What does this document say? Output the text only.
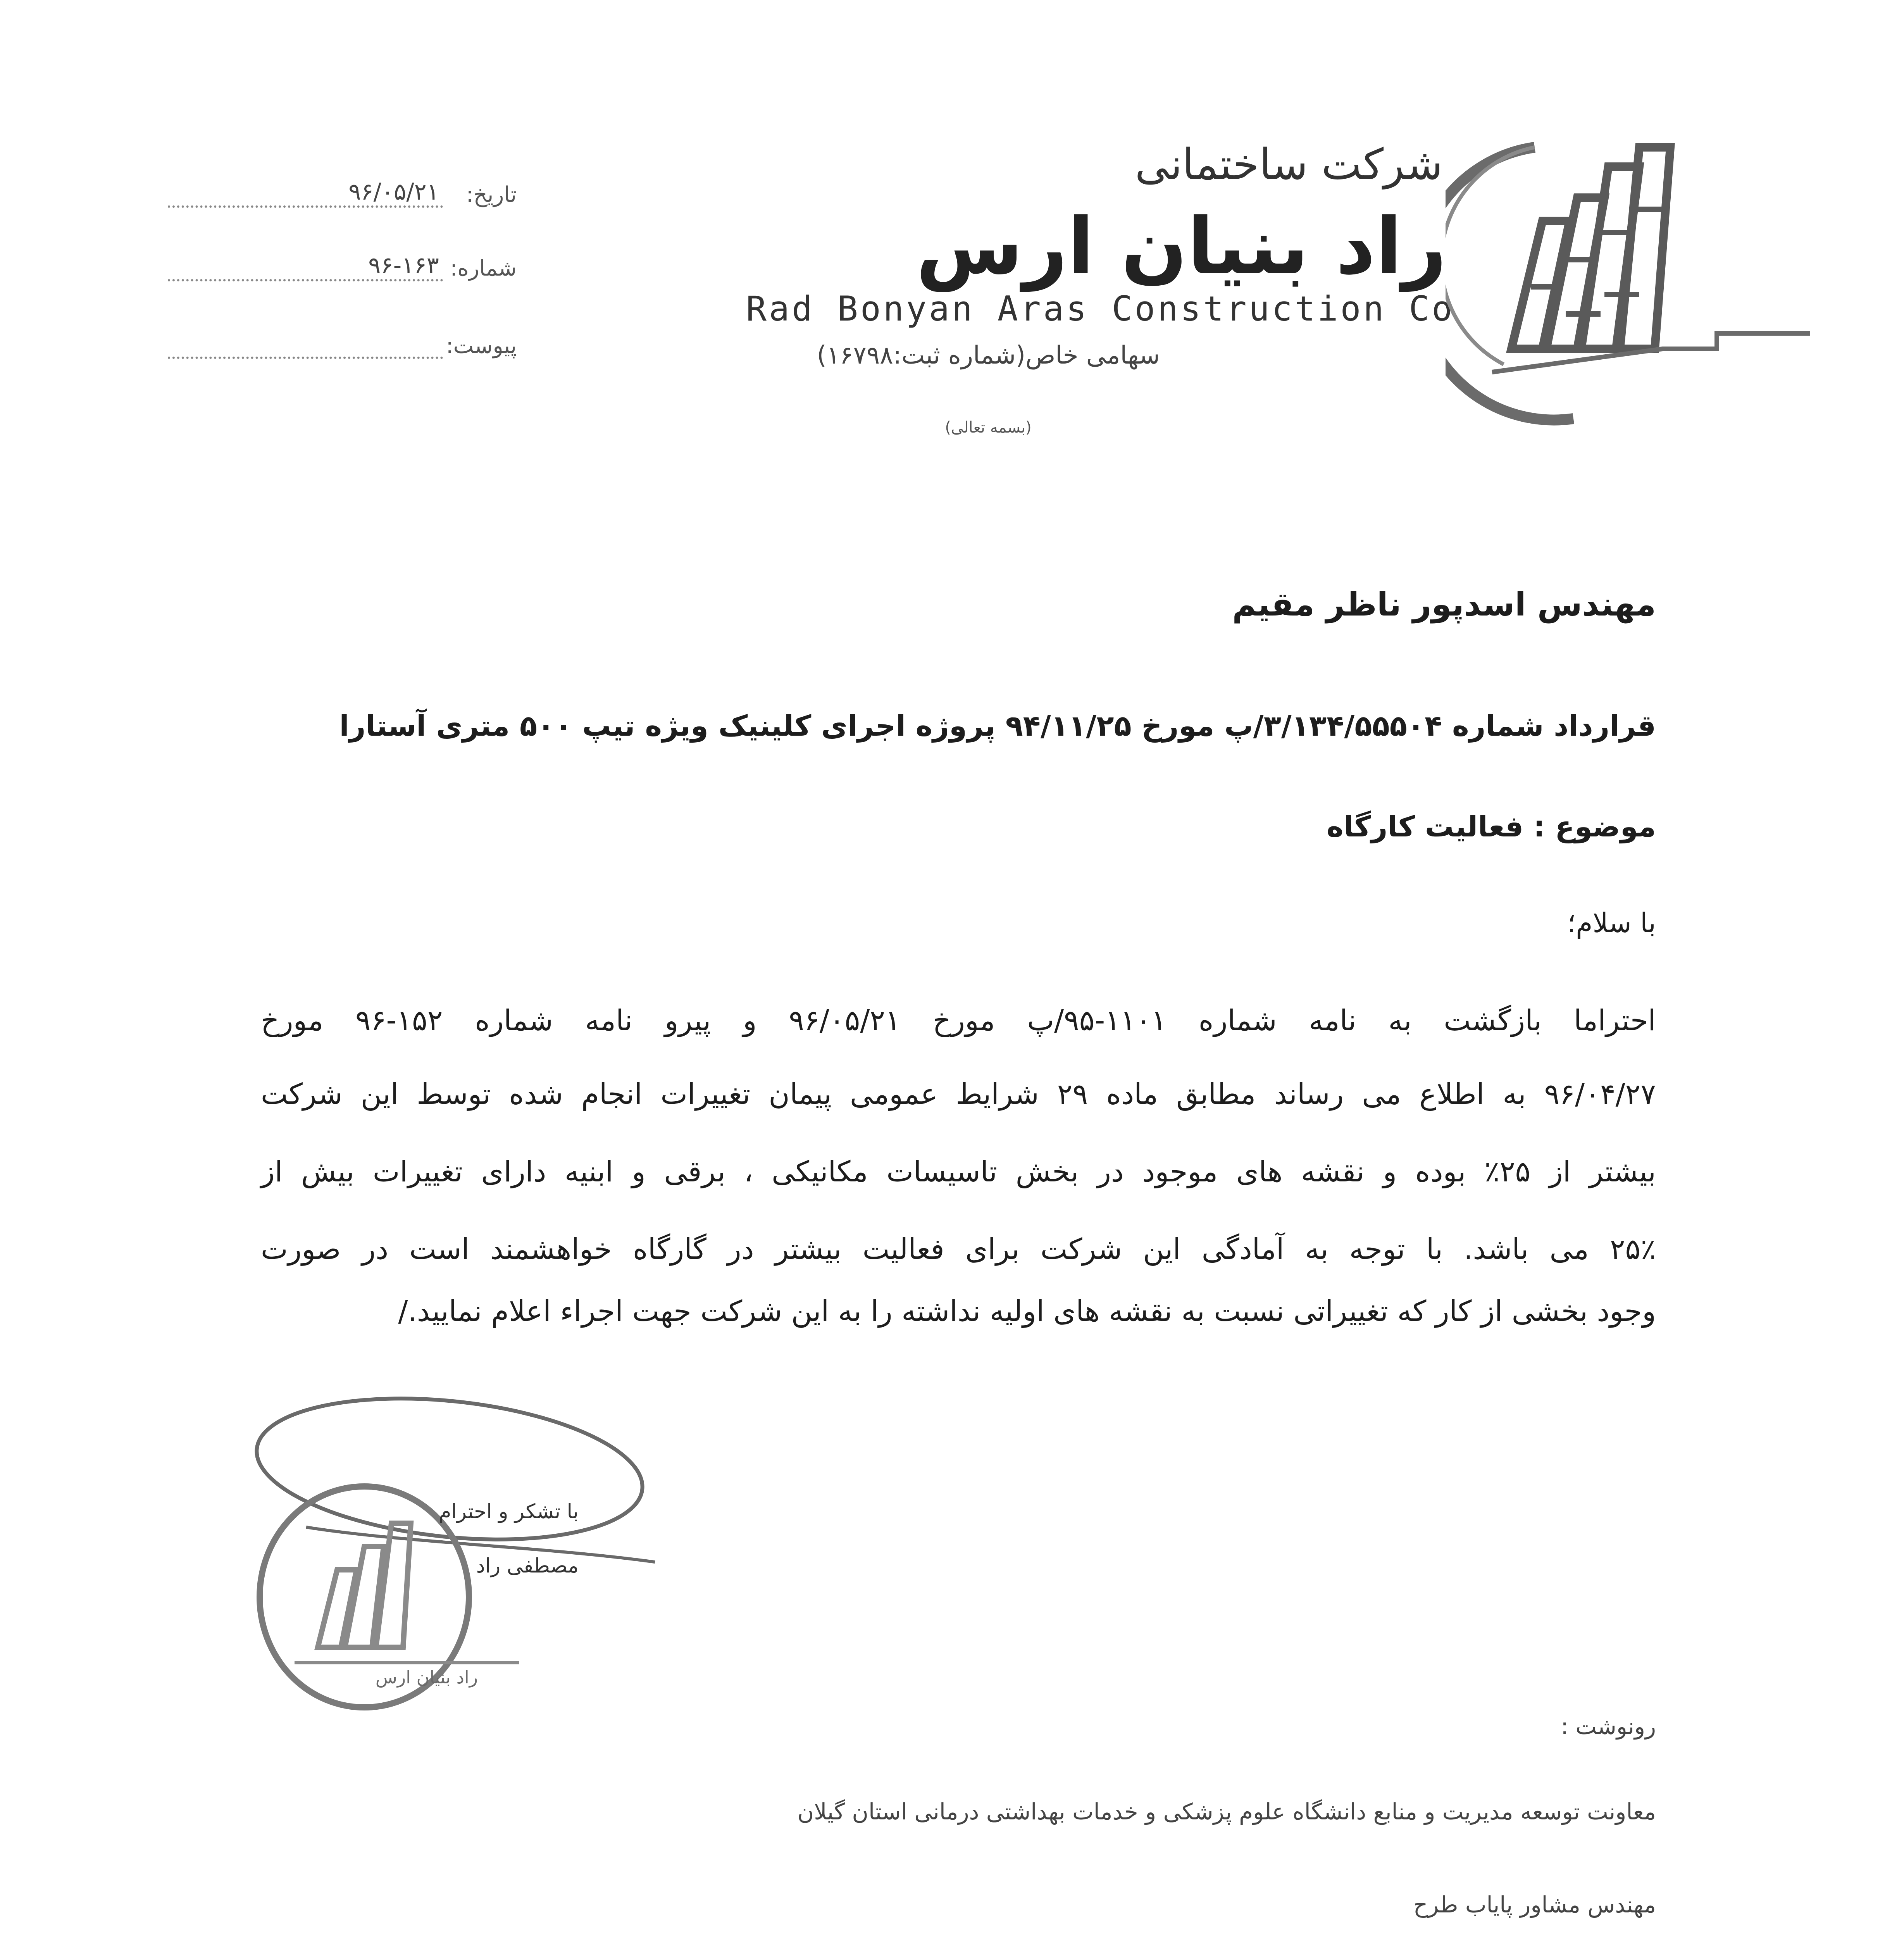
تاریخ:
۹۶/۰۵/۲۱
شماره:
۹۶-۱۶۳
پیوست:
شرکت ساختمانی
راد بنیان ارس
Rad Bonyan Aras Construction Co
سهامی خاص(شماره ثبت:۱۶۷۹۸)
(بسمه تعالی)
مهندس اسدپور ناظر مقیم
قرارداد شماره ۳/۱۳۴/۵۵۵۰۴/پ مورخ ۹۴/۱۱/۲۵ پروژه اجرای کلینیک ویژه تیپ ۵۰۰ متری آستارا
موضوع : فعالیت کارگاه
با سلام؛
احتراما بازگشت به نامه شماره ۱۱۰۱-۹۵/پ مورخ ۹۶/۰۵/۲۱ و پیرو نامه شماره ۱۵۲-۹۶ مورخ
۹۶/۰۴/۲۷ به اطلاع می رساند مطابق ماده ۲۹ شرایط عمومی پیمان تغییرات انجام شده توسط این شرکت
بیشتر از ۲۵٪ بوده و نقشه های موجود در بخش تاسیسات مکانیکی ، برقی و ابنیه دارای تغییرات بیش از
۲۵٪ می باشد. با توجه به آمادگی این شرکت برای فعالیت بیشتر در گارگاه خواهشمند است در صورت
وجود بخشی از کار که تغییراتی نسبت به نقشه های اولیه نداشته را به این شرکت جهت اجراء اعلام نمایید./
با تشکر و احترام
مصطفی راد
راد بنیان ارس
رونوشت :
معاونت توسعه مدیریت و منابع دانشگاه علوم پزشکی و خدمات بهداشتی درمانی استان گیلان
مهندس مشاور پایاب طرح
